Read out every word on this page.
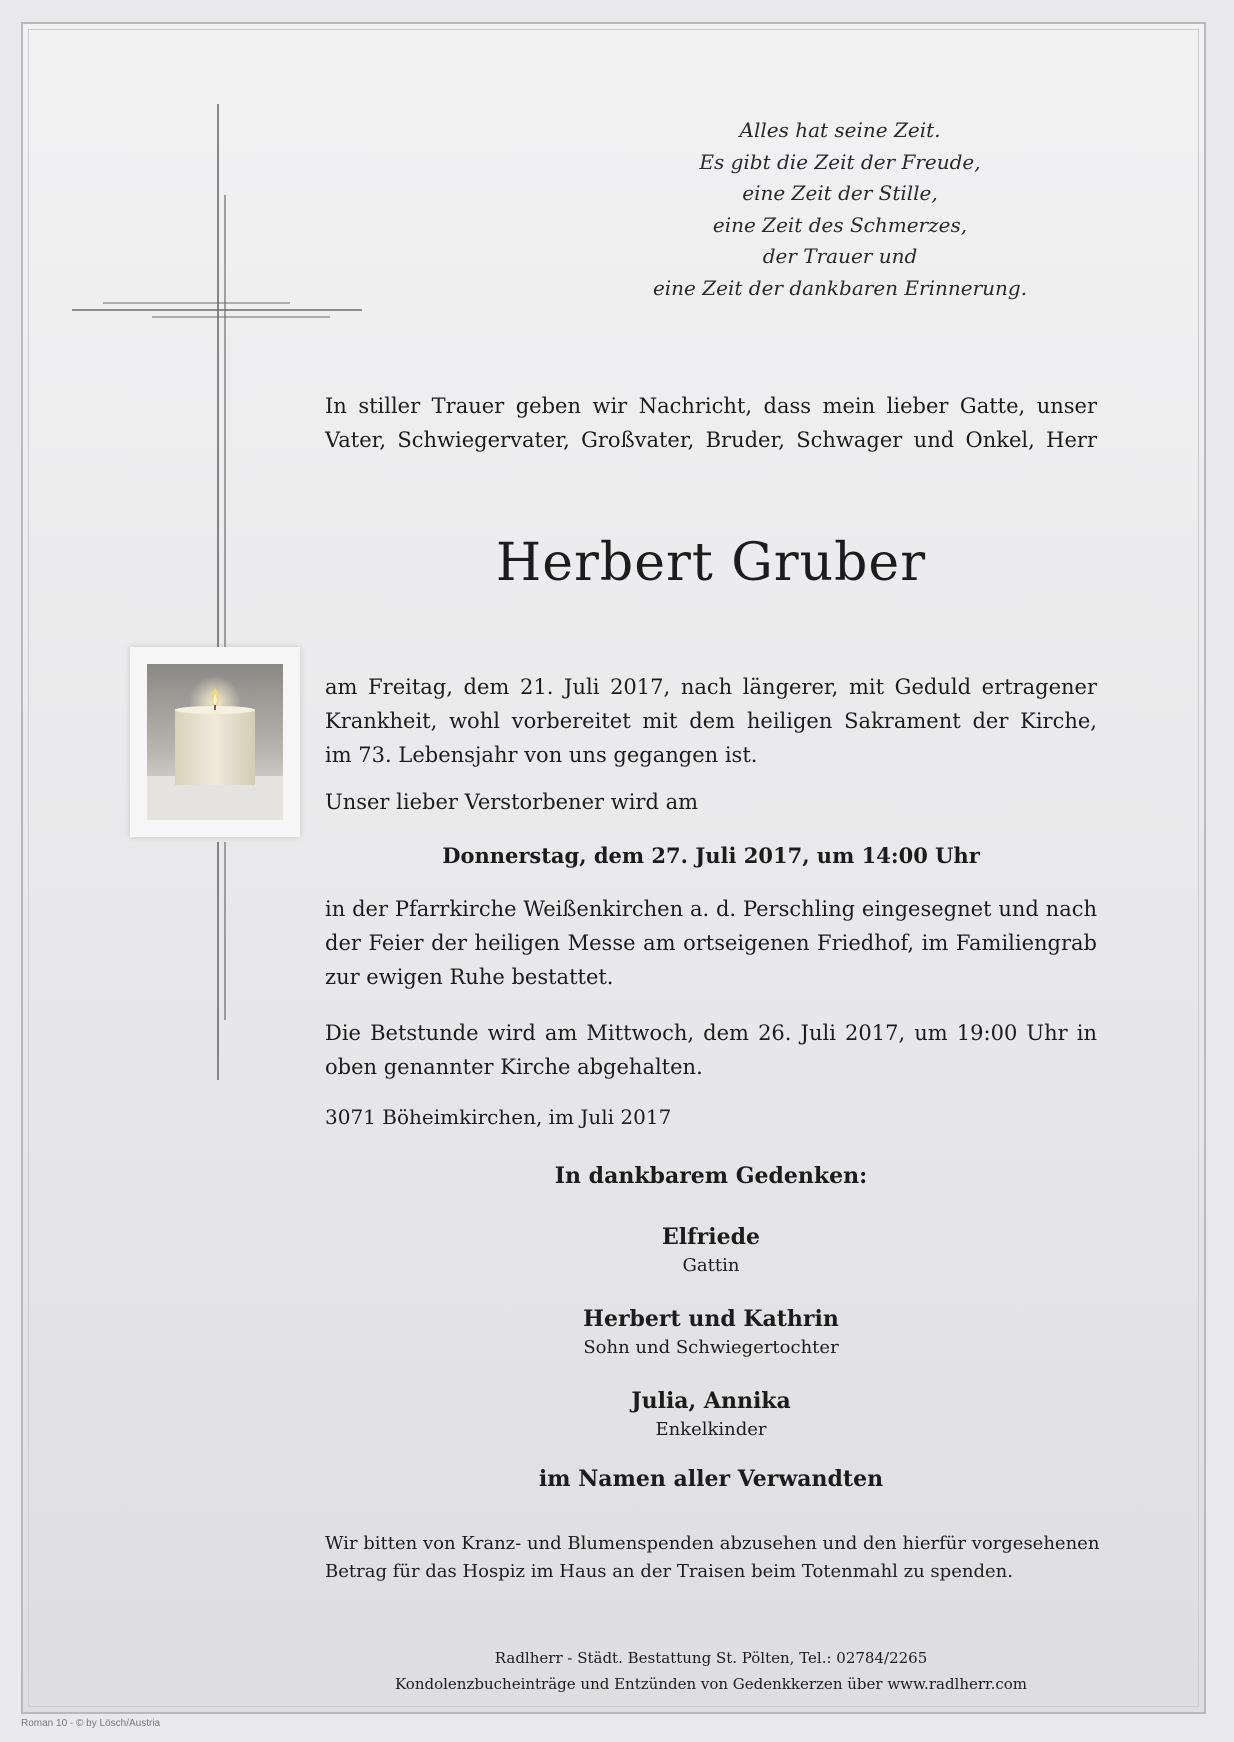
Alles hat seine Zeit.
Es gibt die Zeit der Freude,
eine Zeit der Stille,
eine Zeit des Schmerzes,
der Trauer und
eine Zeit der dankbaren Erinnerung.
In stiller Trauer geben wir Nachricht, dass mein lieber Gatte, unser
Vater, Schwiegervater, Großvater, Bruder, Schwager und Onkel, Herr
Herbert Gruber
am Freitag, dem 21. Juli 2017, nach längerer, mit Geduld ertragener
Krankheit, wohl vorbereitet mit dem heiligen Sakrament der Kirche,
im 73. Lebensjahr von uns gegangen ist.
Unser lieber Verstorbener wird am
Donnerstag, dem 27. Juli 2017, um 14:00 Uhr
in der Pfarrkirche Weißenkirchen a. d. Perschling eingesegnet und nach
der Feier der heiligen Messe am ortseigenen Friedhof, im Familiengrab
zur ewigen Ruhe bestattet.
Die Betstunde wird am Mittwoch, dem 26. Juli 2017, um 19:00 Uhr in
oben genannter Kirche abgehalten.
3071 Böheimkirchen, im Juli 2017
In dankbarem Gedenken:
Elfriede
Gattin
Herbert und Kathrin
Sohn und Schwiegertochter
Julia, Annika
Enkelkinder
im Namen aller Verwandten
Wir bitten von Kranz- und Blumenspenden abzusehen und den hierfür vorgesehenen
Betrag für das Hospiz im Haus an der Traisen beim Totenmahl zu spenden.
Radlherr - Städt. Bestattung St. Pölten, Tel.: 02784/2265
Kondolenzbucheinträge und Entzünden von Gedenkkerzen über www.radlherr.com
Roman 10 - © by Lösch/Austria
